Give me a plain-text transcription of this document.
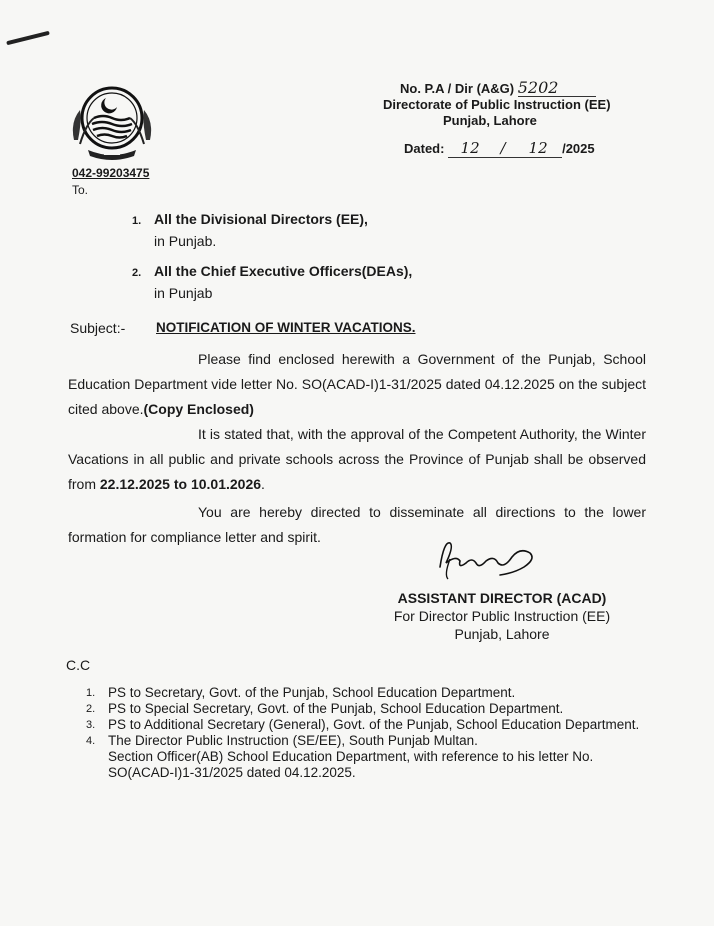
No. P.A / Dir (A&G) 5202
Directorate of Public Instruction (EE)
Punjab, Lahore
Dated: 12 / 12 /2025
042-99203475
To.
1. All the Divisional Directors (EE),
in Punjab.
2. All the Chief Executive Officers(DEAs),
in Punjab
Subject:- NOTIFICATION OF WINTER VACATIONS.
Please find enclosed herewith a Government of the Punjab, School Education Department vide letter No. SO(ACAD-I)1-31/2025 dated 04.12.2025 on the subject cited above.(Copy Enclosed)
It is stated that, with the approval of the Competent Authority, the Winter Vacations in all public and private schools across the Province of Punjab shall be observed from 22.12.2025 to 10.01.2026.
You are hereby directed to disseminate all directions to the lower formation for compliance letter and spirit.
ASSISTANT DIRECTOR (ACAD)
For Director Public Instruction (EE)
Punjab, Lahore
C.C
1. PS to Secretary, Govt. of the Punjab, School Education Department.
2. PS to Special Secretary, Govt. of the Punjab, School Education Department.
3. PS to Additional Secretary (General), Govt. of the Punjab, School Education Department.
4. The Director Public Instruction (SE/EE), South Punjab Multan.
Section Officer(AB) School Education Department, with reference to his letter No. SO(ACAD-I)1-31/2025 dated 04.12.2025.
